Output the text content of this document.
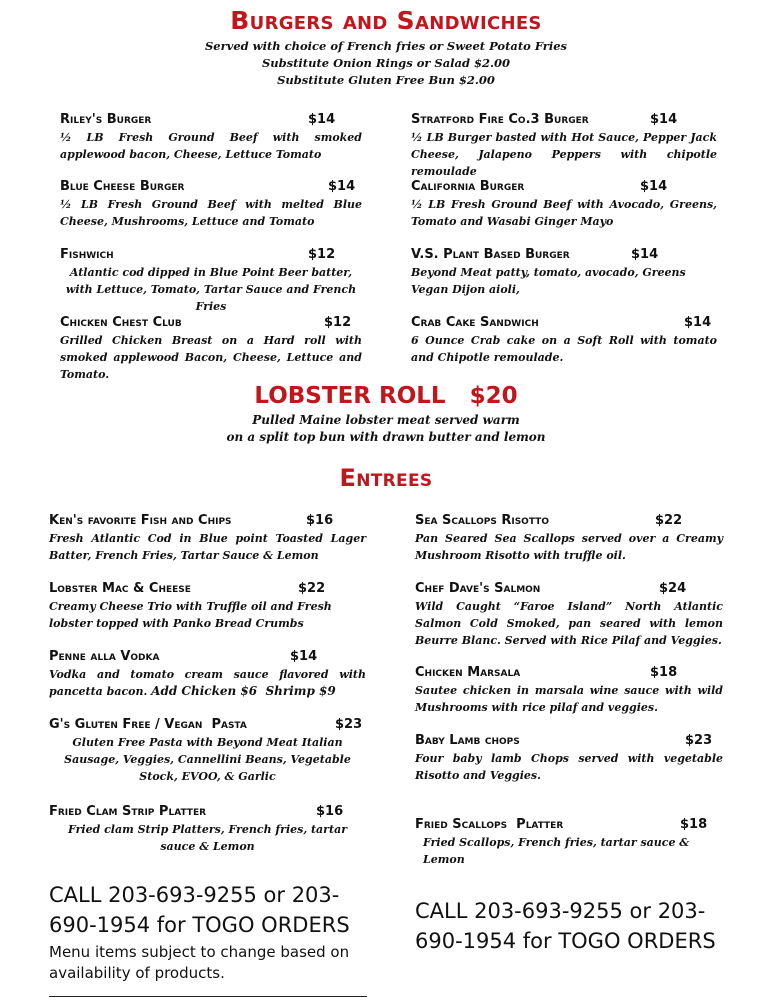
Burgers and Sandwiches
Served with choice of French fries or Sweet Potato Fries
Substitute Onion Rings or Salad $2.00
Substitute Gluten Free Bun $2.00
Riley's Burger	$14
½ LB Fresh Ground Beef with smoked applewood bacon, Cheese, Lettuce Tomato
Stratford Fire Co.3 Burger	$14
½ LB Burger basted with Hot Sauce, Pepper Jack Cheese, Jalapeno Peppers with chipotle remoulade
Blue Cheese Burger	$14
½ LB Fresh Ground Beef with melted Blue Cheese, Mushrooms, Lettuce and Tomato
California Burger	$14
½ LB Fresh Ground Beef with Avocado, Greens, Tomato and Wasabi Ginger Mayo
Fishwich	$12
Atlantic cod dipped in Blue Point Beer batter, with Lettuce, Tomato, Tartar Sauce and French Fries
V.S. Plant Based Burger	$14
Beyond Meat patty, tomato, avocado, Greens Vegan Dijon aioli,
Chicken Chest Club	$12
Grilled Chicken Breast on a Hard roll with smoked applewood Bacon, Cheese, Lettuce and Tomato.
Crab Cake Sandwich	$14
6 Ounce Crab cake on a Soft Roll with tomato and Chipotle remoulade.
LOBSTER ROLL   $20
Pulled Maine lobster meat served warm
on a split top bun with drawn butter and lemon
Entrees
Ken's favorite Fish and Chips	$16
Fresh Atlantic Cod in Blue point Toasted Lager Batter, French Fries, Tartar Sauce & Lemon
Sea Scallops Risotto	$22
Pan Seared Sea Scallops served over a Creamy Mushroom Risotto with truffle oil.
Lobster Mac & Cheese	$22
Creamy Cheese Trio with Truffle oil and Fresh lobster topped with Panko Bread Crumbs
Chef Dave's Salmon	$24
Wild Caught “Faroe Island” North Atlantic Salmon Cold Smoked, pan seared with lemon Beurre Blanc. Served with Rice Pilaf and Veggies.
Penne alla Vodka	$14
Vodka and tomato cream sauce flavored with pancetta bacon. Add Chicken $6  Shrimp $9
Chicken Marsala	$18
Sautee chicken in marsala wine sauce with wild Mushrooms with rice pilaf and veggies.
G's Gluten Free / Vegan  Pasta	$23
Gluten Free Pasta with Beyond Meat Italian Sausage, Veggies, Cannellini Beans, Vegetable Stock, EVOO, & Garlic
Baby Lamb chops	$23
Four baby lamb Chops served with vegetable Risotto and Veggies.
Fried Clam Strip Platter	$16
Fried clam Strip Platters, French fries, tartar sauce & Lemon
Fried Scallops  Platter	$18
Fried Scallops, French fries, tartar sauce & Lemon
CALL 203-693-9255 or 203-690-1954 for TOGO ORDERS
Menu items subject to change based on availability of products.
CALL 203-693-9255 or 203-690-1954 for TOGO ORDERS
